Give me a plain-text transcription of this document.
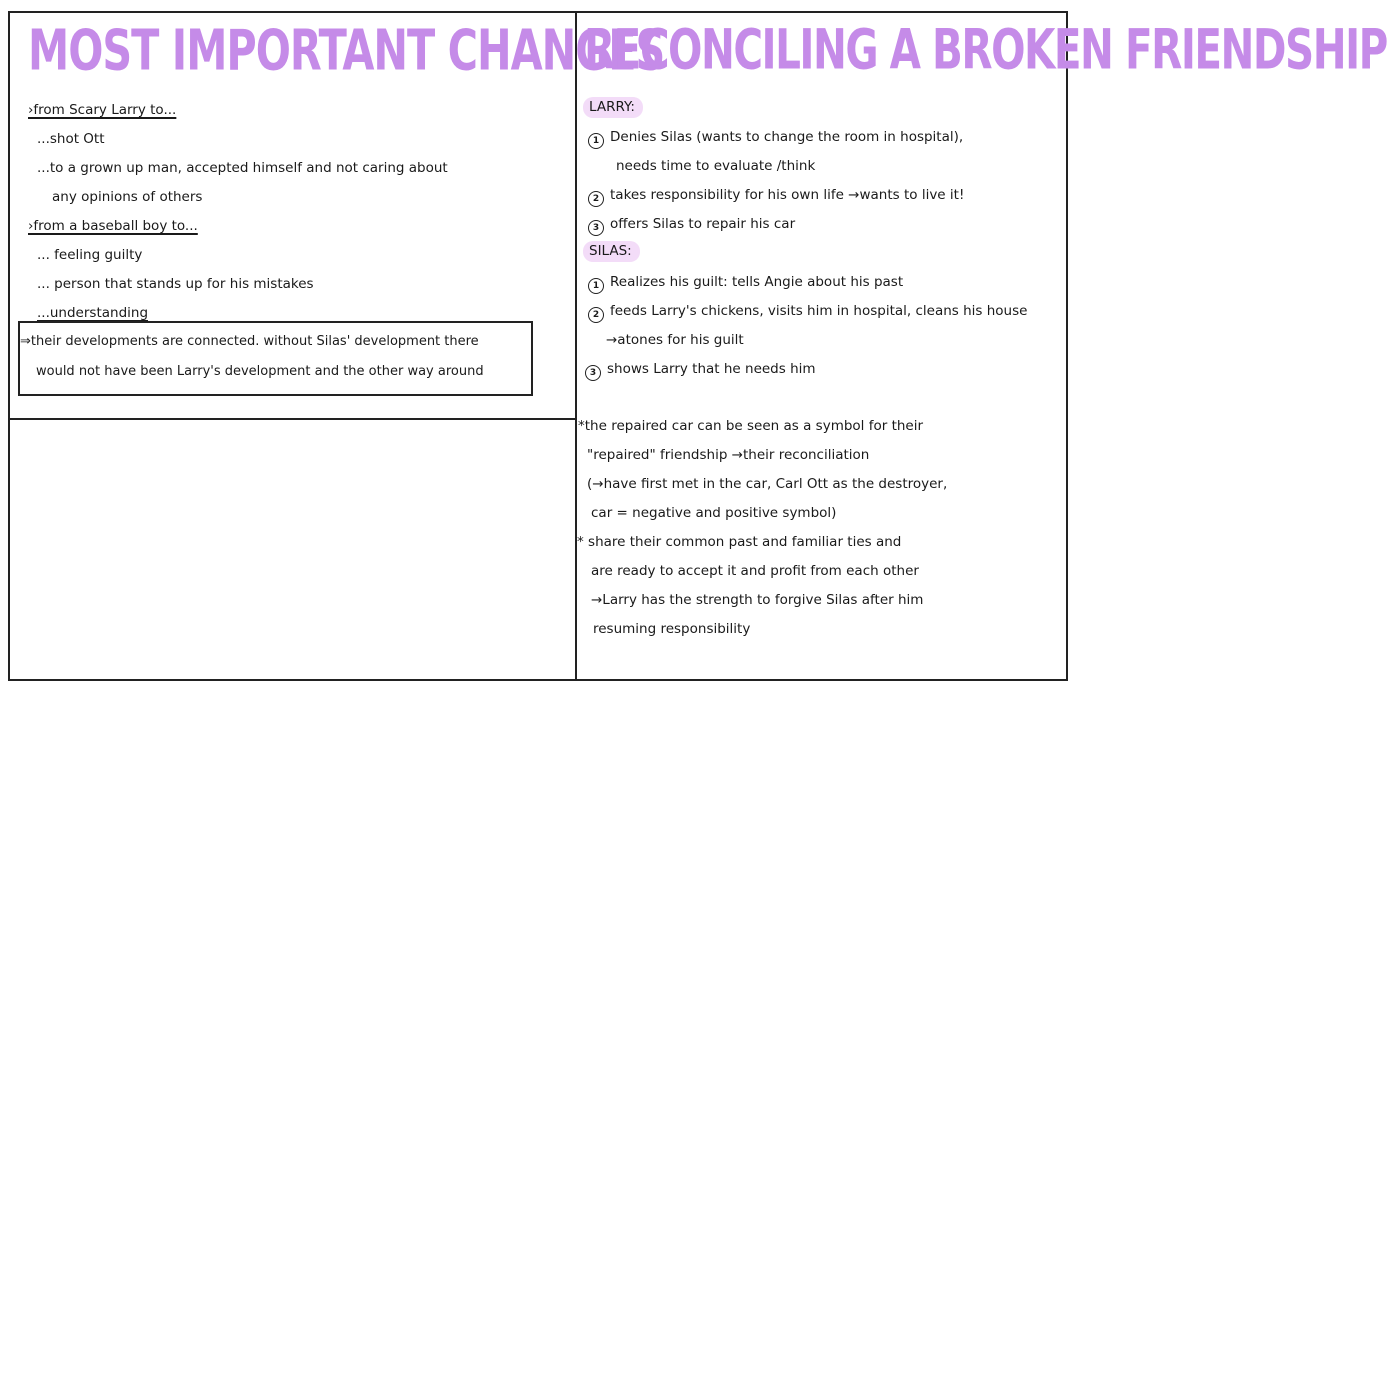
MOST IMPORTANT CHANGES
›from Scary Larry to...
...shot Ott
...to a grown up man, accepted himself and not caring about
any opinions of others
›from a baseball boy to...
... feeling guilty
... person that stands up for his mistakes
...understanding
⇒their developments are connected. without Silas' development there
would not have been Larry's development and the other way around
RECONCILING A BROKEN FRIENDSHIP
LARRY:
1 Denies Silas (wants to change the room in hospital),
needs time to evaluate /think
2 takes responsibility for his own life →wants to live it!
3 offers Silas to repair his car
SILAS:
1 Realizes his guilt: tells Angie about his past
2 feeds Larry's chickens, visits him in hospital, cleans his house
→atones for his guilt
3 shows Larry that he needs him
*the repaired car can be seen as a symbol for their
"repaired" friendship →their reconciliation
(→have first met in the car, Carl Ott as the destroyer,
car = negative and positive symbol)
* share their common past and familiar ties and
are ready to accept it and profit from each other
→Larry has the strength to forgive Silas after him
resuming responsibility
